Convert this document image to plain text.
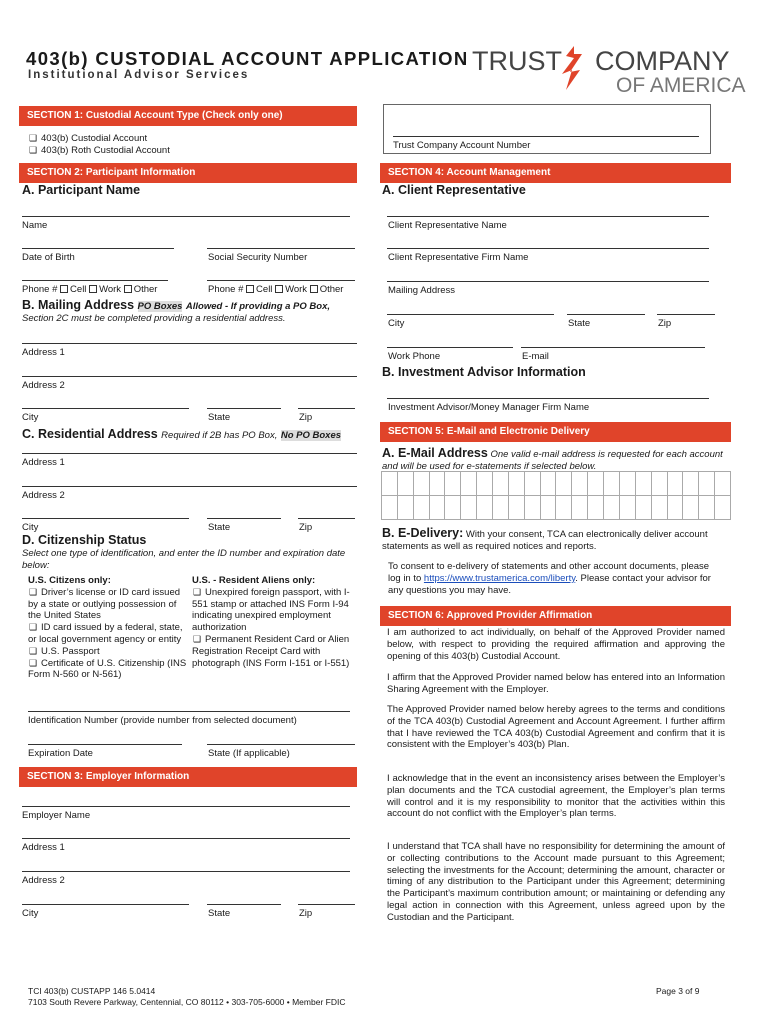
403(b) CUSTODIAL ACCOUNT APPLICATION
Institutional Advisor Services	TRUST COMPANY
OF AMERICA
SECTION 1: Custodial Account Type (Check only one)
❑ 403(b) Custodial Account
❑ 403(b) Roth Custodial Account	Trust Company Account Number
SECTION 2: Participant Information
A. Participant Name
Name
Date of Birth	Social Security Number
Phone # Cell Work Other	Phone # Cell Work Other
B. Mailing Address PO Boxes Allowed - If providing a PO Box,
Section 2C must be completed providing a residential address.
Address 1
Address 2
City	State	Zip
C. Residential Address Required if 2B has PO Box, No PO Boxes
Address 1
Address 2
City	State	Zip
D. Citizenship Status
Select one type of identification, and enter the ID number and expiration date below:
U.S. Citizens only:
❑ Driver’s license or ID card issued by a state or outlying possession of the United States
❑ ID card issued by a federal, state, or local government agency or entity
❑ U.S. Passport
❑ Certificate of U.S. Citizenship (INS Form N-560 or N-561)
U.S. - Resident Aliens only:
❑ Unexpired foreign passport, with I-551 stamp or attached INS Form I-94 indicating unexpired employment authorization
❑ Permanent Resident Card or Alien Registration Receipt Card with photograph (INS Form I-151 or I-551)
Identification Number (provide number from selected document)
Expiration Date	State (If applicable)
SECTION 3: Employer Information
Employer Name
Address 1
Address 2
City	State	Zip
SECTION 4: Account Management
A. Client Representative
Client Representative Name
Client Representative Firm Name
Mailing Address
City	State	Zip
Work Phone	E-mail
B. Investment Advisor Information
Investment Advisor/Money Manager Firm Name
SECTION 5: E-Mail and Electronic Delivery
A. E-Mail Address One valid e-mail address is requested for each account and will be used for e-statements if selected below.
B. E-Delivery: With your consent, TCA can electronically deliver account statements as well as required notices and reports.
To consent to e-delivery of statements and other account documents, please log in to https://www.trustamerica.com/liberty. Please contact your advisor for any questions you may have.
SECTION 6: Approved Provider Affirmation
I am authorized to act individually, on behalf of the Approved Provider named below, with respect to providing the required affirmation and approving the opening of this 403(b) Custodial Account.
I affirm that the Approved Provider named below has entered into an Information Sharing Agreement with the Employer.
The Approved Provider named below hereby agrees to the terms and conditions of the TCA 403(b) Custodial Agreement and Account Agreement. I further affirm that I have reviewed the TCA 403(b) Custodial Agreement and confirm that it is consistent with the Employer’s 403(b) Plan.
I acknowledge that in the event an inconsistency arises between the Employer’s plan documents and the TCA custodial agreement, the Employer’s plan terms will control and it is my responsibility to monitor that the activities within this account do not conflict with the Employer’s plan terms.
I understand that TCA shall have no responsibility for determining the amount of or collecting contributions to the Account made pursuant to this Agreement; selecting the investments for the Account; determining the amount, character or timing of any distribution to the Participant under this Agreement; determining the Participant’s maximum contribution amount; or maintaining or defending any legal action in connection with this Agreement, unless agreed upon by the Custodian and the Participant.
TCI 403(b) CUSTAPP 146 5.0414
7103 South Revere Parkway, Centennial, CO 80112 • 303-705-6000 • Member FDIC
Page 3 of 9
